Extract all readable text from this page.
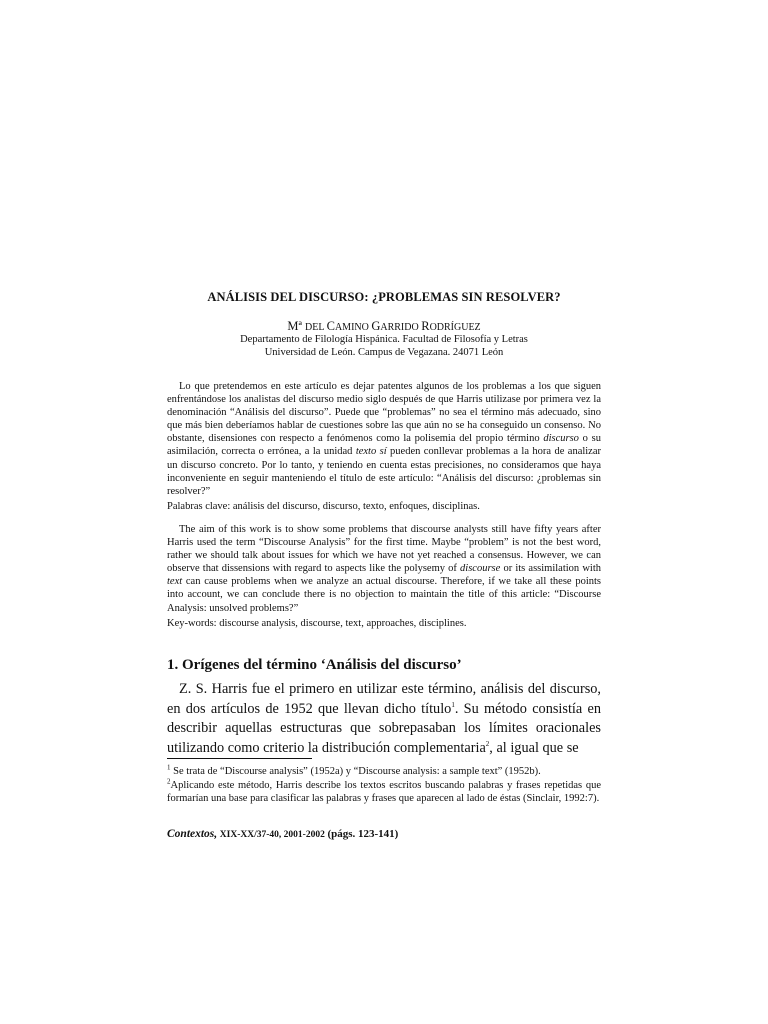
ANÁLISIS DEL DISCURSO: ¿PROBLEMAS SIN RESOLVER?
Mª DEL CAMINO GARRIDO RODRÍGUEZ
Departamento de Filología Hispánica. Facultad de Filosofía y Letras
Universidad de León. Campus de Vegazana. 24071 León

Lo que pretendemos en este artículo es dejar patentes algunos de los problemas a los que siguen enfrentándose los analistas del discurso medio siglo después de que Harris utilizase por primera vez la denominación “Análisis del discurso”. Puede que “problemas” no sea el término más adecuado, sino que más bien deberíamos hablar de cuestiones sobre las que aún no se ha conseguido un consenso. No obstante, disensiones con respecto a fenómenos como la polisemia del propio término discurso o su asimilación, correcta o errónea, a la unidad texto sí pueden conllevar problemas a la hora de analizar un discurso concreto. Por lo tanto, y teniendo en cuenta estas precisiones, no consideramos que haya inconveniente en seguir manteniendo el título de este artículo: “Análisis del discurso: ¿problemas sin resolver?”

Palabras clave: análisis del discurso, discurso, texto, enfoques, disciplinas.

The aim of this work is to show some problems that discourse analysts still have fifty years after Harris used the term “Discourse Analysis” for the first time. Maybe “problem” is not the best word, rather we should talk about issues for which we have not yet reached a consensus. However, we can observe that dissensions with regard to aspects like the polysemy of discourse or its assimilation with text can cause problems when we analyze an actual discourse. Therefore, if we take all these points into account, we can conclude there is no objection to maintain the title of this article: “Discourse Analysis: unsolved problems?”

Key-words: discourse analysis, discourse, text, approaches, disciplines.

1. Orígenes del término ‘Análisis del discurso’

Z. S. Harris fue el primero en utilizar este término, análisis del discurso, en dos artículos de 1952 que llevan dicho título$^1$. Su método consistía en describir aquellas estructuras que sobrepasaban los límites oracionales utilizando como criterio la distribución complementaria$^2$, al igual que se

$^1$ Se trata de “Discourse analysis” (1952a) y “Discourse analysis: a sample text” (1952b).

$^2$Aplicando este método, Harris describe los textos escritos buscando palabras y frases repetidas que formarían una base para clasificar las palabras y frases que aparecen al lado de éstas (Sinclair, 1992:7).

Contextos, XIX-XX/37-40, 2001-2002 (págs. 123-141)
